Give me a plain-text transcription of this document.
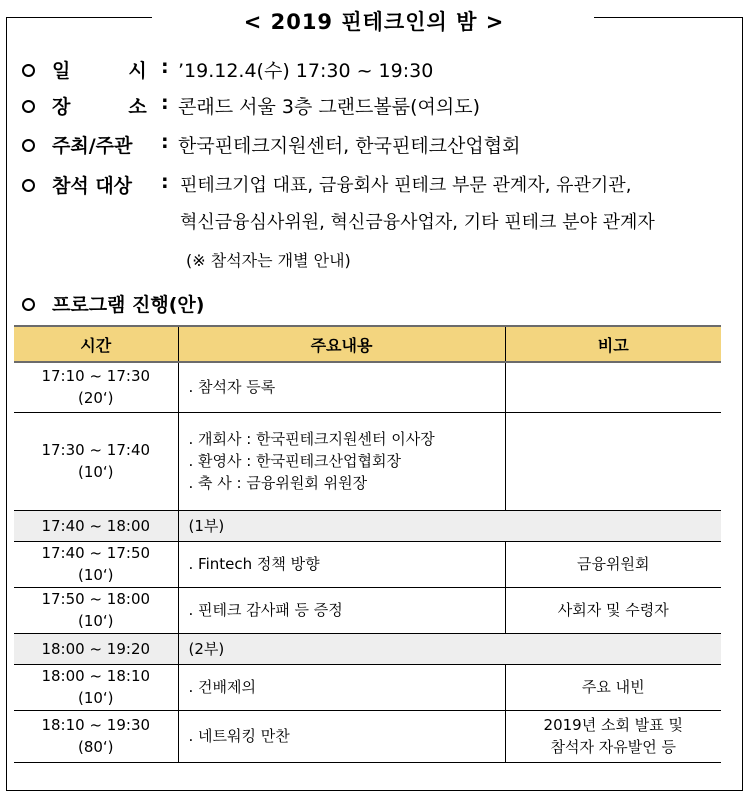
< 2019 핀테크인의 밤 >
일	시 : ’19.12.4(수) 17:30 ~ 19:30
장	소 : 콘래드 서울 3층 그랜드볼룸(여의도)
주최/주관	: 한국핀테크지원센터, 한국핀테크산업협회
참석 대상	: 핀테크기업 대표, 금융회사 핀테크 부문 관계자, 유관기관,
혁신금융심사위원, 혁신금융사업자, 기타 핀테크 분야 관계자
(※ 참석자는 개별 안내)
프로그램 진행(안)
시간	주요내용	비고

17:10 ~ 17:30
(20‘)	. 참석자 등록	

17:30 ~ 17:40
(10‘)	. 개회사 : 한국핀테크지원센터 이사장
. 환영사 : 한국핀테크산업협회장
. 축 사 : 금융위원회 위원장	

17:40 ~ 18:00	(1부)	

17:40 ~ 17:50
(10‘)	. Fintech 정책 방향	금융위원회

17:50 ~ 18:00
(10‘)	. 핀테크 감사패 등 증정	사회자 및 수령자
18:00 ~ 19:20	(2부)	

18:00 ~ 18:10
(10‘)	. 건배제의	주요 내빈

18:10 ~ 19:30
(80‘)	. 네트워킹 만찬	2019년 소회 발표 및
참석자 자유발언 등
